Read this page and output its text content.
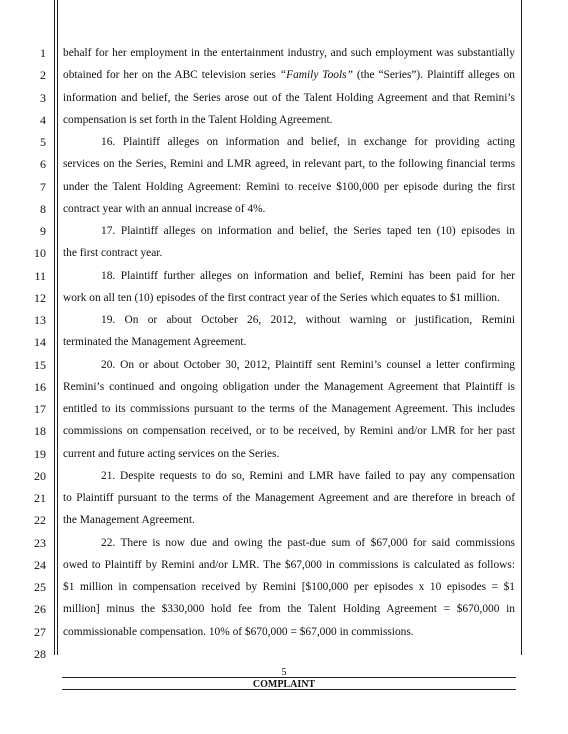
1
2
3
4
5
6
7
8
9
10
11
12
13
14
15
16
17
18
19
20
21
22
23
24
25
26
27
28
behalf for her employment in the entertainment industry, and such employment was substantially
obtained for her on the ABC television series “Family Tools” (the “Series”). Plaintiff alleges on
information and belief, the Series arose out of the Talent Holding Agreement and that Remini’s
compensation is set forth in the Talent Holding Agreement.
16. Plaintiff alleges on information and belief, in exchange for providing acting
services on the Series, Remini and LMR agreed, in relevant part, to the following financial terms
under the Talent Holding Agreement: Remini to receive $100,000 per episode during the first
contract year with an annual increase of 4%.
17. Plaintiff alleges on information and belief, the Series taped ten (10) episodes in
the first contract year.
18. Plaintiff further alleges on information and belief, Remini has been paid for her
work on all ten (10) episodes of the first contract year of the Series which equates to $1 million.
19. On or about October 26, 2012, without warning or justification, Remini
terminated the Management Agreement.
20. On or about October 30, 2012, Plaintiff sent Remini’s counsel a letter confirming
Remini’s continued and ongoing obligation under the Management Agreement that Plaintiff is
entitled to its commissions pursuant to the terms of the Management Agreement. This includes
commissions on compensation received, or to be received, by Remini and/or LMR for her past
current and future acting services on the Series.
21. Despite requests to do so, Remini and LMR have failed to pay any compensation
to Plaintiff pursuant to the terms of the Management Agreement and are therefore in breach of
the Management Agreement.
22. There is now due and owing the past-due sum of $67,000 for said commissions
owed to Plaintiff by Remini and/or LMR. The $67,000 in commissions is calculated as follows:
$1 million in compensation received by Remini [$100,000 per episodes x 10 episodes = $1
million] minus the $330,000 hold fee from the Talent Holding Agreement = $670,000 in
commissionable compensation. 10% of $670,000 = $67,000 in commissions.
5
COMPLAINT
